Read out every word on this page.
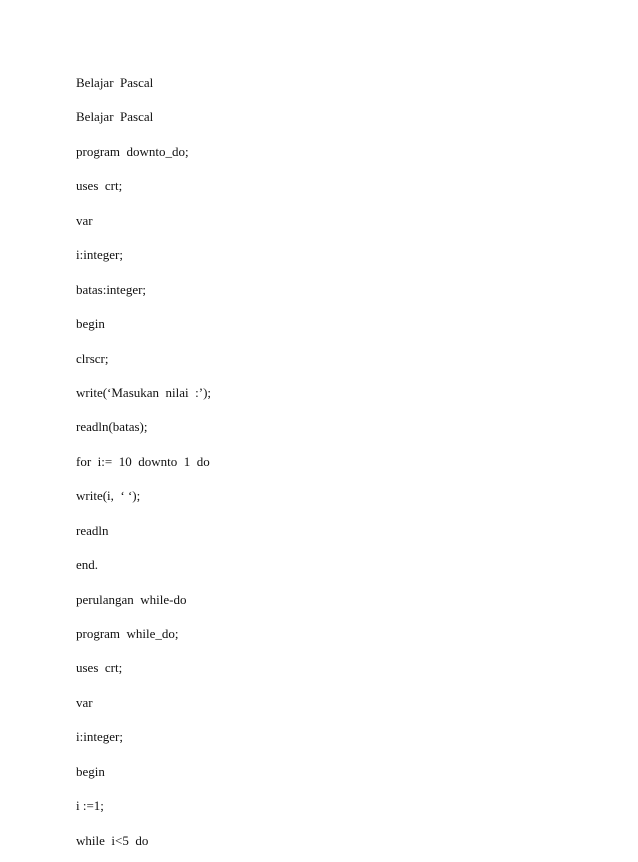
Belajar  Pascal
Belajar  Pascal
program  downto_do;
uses  crt;
var
i:integer;
batas:integer;
begin
clrscr;
write(‘Masukan  nilai  :’);
readln(batas);
for  i:=  10  downto  1  do
write(i,  ‘ ‘);
readln
end.
perulangan  while-do
program  while_do;
uses  crt;
var
i:integer;
begin
i :=1;
while  i<5  do
